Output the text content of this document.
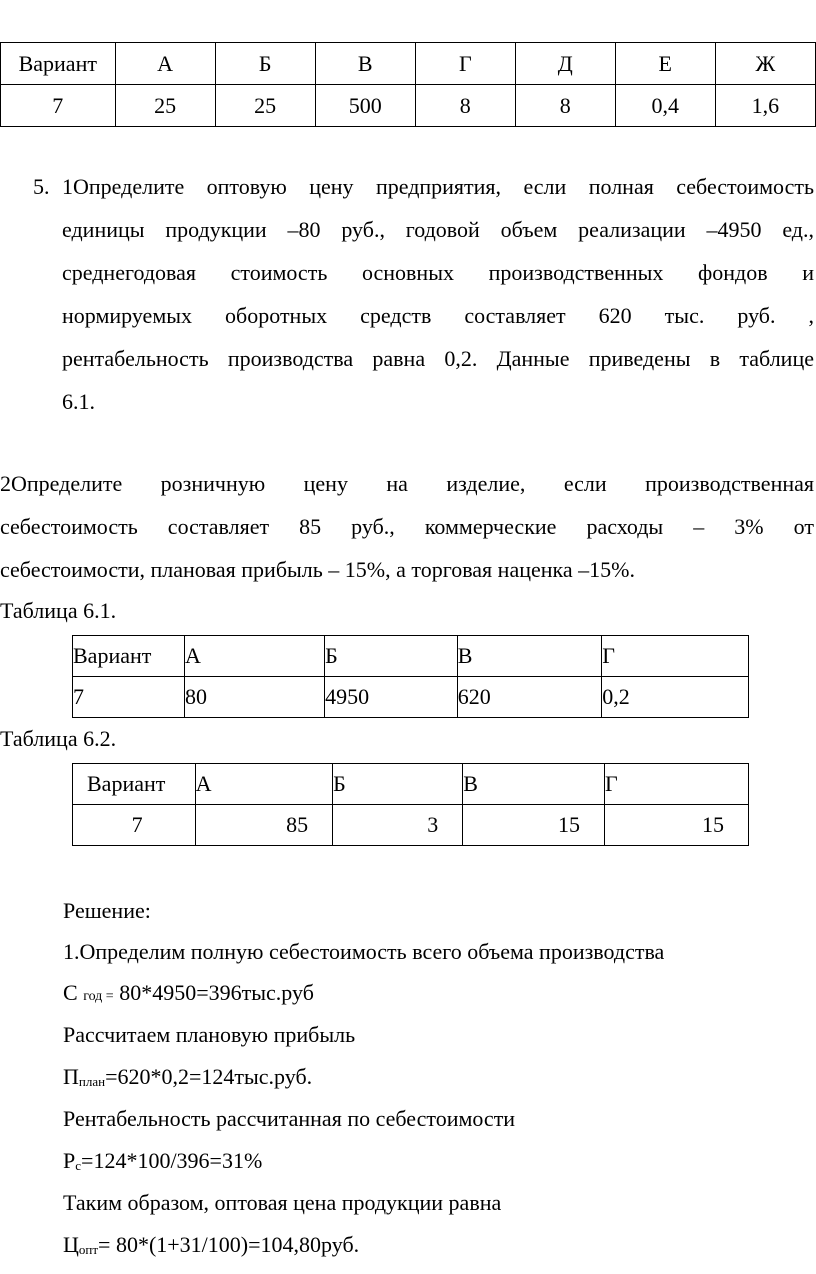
Вариант	А	Б	В	Г	Д	Е	Ж
7	25	25	500	8	8	0,4	1,6
5. 1Определите оптовую цену предприятия, если полная себестоимость
единицы продукции –80 руб., годовой объем реализации –4950 ед.,
среднегодовая стоимость основных производственных фондов и
нормируемых оборотных средств составляет 620 тыс. руб. ,
рентабельность производства равна 0,2. Данные приведены в таблице
6.1.
2Определите розничную цену на изделие, если производственная
себестоимость составляет 85 руб., коммерческие расходы – 3% от
себестоимости, плановая прибыль – 15%, а торговая наценка –15%.
Таблица 6.1.
Вариант	А	Б	В	Г
7	80	4950	620	0,2
Таблица 6.2.
Вариант	А	Б	В	Г
7	85	3	15	15
Решение:
1.Определим полную себестоимость всего объема производства
С год = 80*4950=396тыс.руб
Рассчитаем плановую прибыль
$П_{план}=620*0,2=124тыс.руб$.
Рентабельность рассчитанная по себестоимости
$Р_с=124*100/396=31\%$
Таким образом, оптовая цена продукции равна
$Ц_{опт}= 80*(1+31/100)=104,80руб$.
